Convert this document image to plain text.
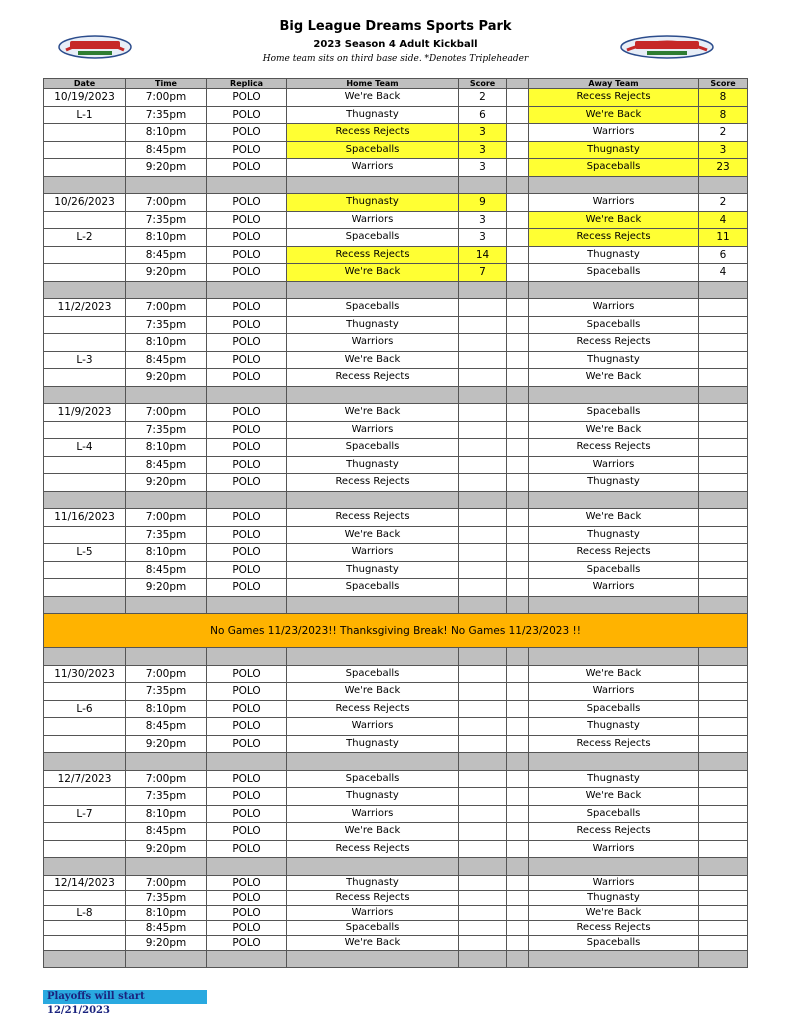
Big League Dreams Sports Park
2023 Season 4 Adult Kickball
Home team sits on third base side. *Denotes Tripleheader
Date	Time	Replica	Home Team	Score		Away Team	Score
10/19/2023	7:00pm	POLO	We're Back	2		Recess Rejects	8
L-1	7:35pm	POLO	Thugnasty	6		We're Back	8
	8:10pm	POLO	Recess Rejects	3		Warriors	2
	8:45pm	POLO	Spaceballs	3		Thugnasty	3
	9:20pm	POLO	Warriors	3		Spaceballs	23

10/26/2023	7:00pm	POLO	Thugnasty	9		Warriors	2
	7:35pm	POLO	Warriors	3		We're Back	4
L-2	8:10pm	POLO	Spaceballs	3		Recess Rejects	11
	8:45pm	POLO	Recess Rejects	14		Thugnasty	6
	9:20pm	POLO	We're Back	7		Spaceballs	4

11/2/2023	7:00pm	POLO	Spaceballs			Warriors	
	7:35pm	POLO	Thugnasty			Spaceballs	
	8:10pm	POLO	Warriors			Recess Rejects	
L-3	8:45pm	POLO	We're Back			Thugnasty	
	9:20pm	POLO	Recess Rejects			We're Back	

11/9/2023	7:00pm	POLO	We're Back			Spaceballs	
	7:35pm	POLO	Warriors			We're Back	
L-4	8:10pm	POLO	Spaceballs			Recess Rejects	
	8:45pm	POLO	Thugnasty			Warriors	
	9:20pm	POLO	Recess Rejects			Thugnasty	

11/16/2023	7:00pm	POLO	Recess Rejects			We're Back	
	7:35pm	POLO	We're Back			Thugnasty	
L-5	8:10pm	POLO	Warriors			Recess Rejects	
	8:45pm	POLO	Thugnasty			Spaceballs	
	9:20pm	POLO	Spaceballs			Warriors	

No Games 11/23/2023!! Thanksgiving Break! No Games 11/23/2023 !!							

11/30/2023	7:00pm	POLO	Spaceballs			We're Back	
	7:35pm	POLO	We're Back			Warriors	
L-6	8:10pm	POLO	Recess Rejects			Spaceballs	
	8:45pm	POLO	Warriors			Thugnasty	
	9:20pm	POLO	Thugnasty			Recess Rejects	

12/7/2023	7:00pm	POLO	Spaceballs			Thugnasty	
	7:35pm	POLO	Thugnasty			We're Back	
L-7	8:10pm	POLO	Warriors			Spaceballs	
	8:45pm	POLO	We're Back			Recess Rejects	
	9:20pm	POLO	Recess Rejects			Warriors	

12/14/2023	7:00pm	POLO	Thugnasty			Warriors	
	7:35pm	POLO	Recess Rejects			Thugnasty	
L-8	8:10pm	POLO	Warriors			We're Back	
	8:45pm	POLO	Spaceballs			Recess Rejects	
	9:20pm	POLO	We're Back			Spaceballs	

Playoffs will start 12/21/2023
